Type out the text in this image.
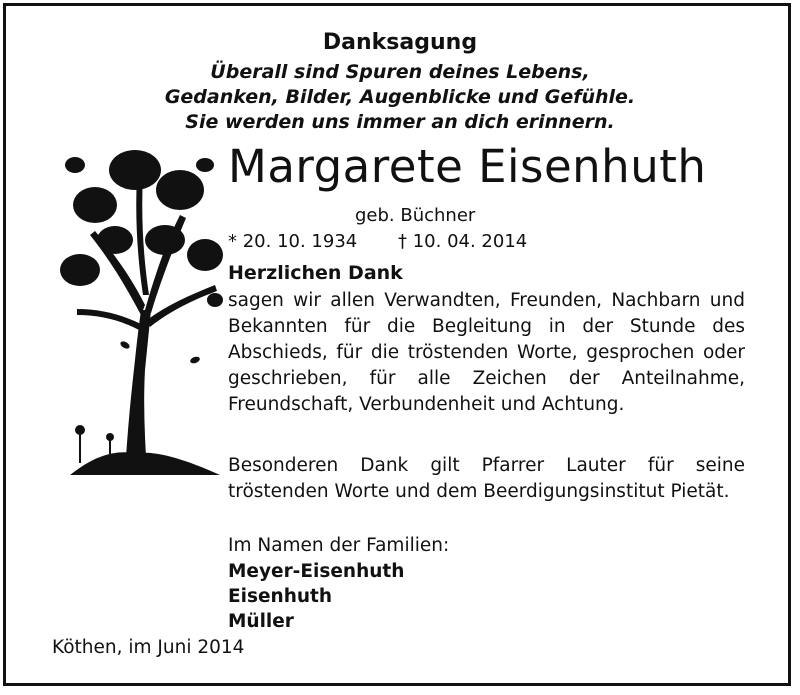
Danksagung
Überall sind Spuren deines Lebens,
Gedanken, Bilder, Augenblicke und Gefühle.
Sie werden uns immer an dich erinnern.
Margarete Eisenhuth
geb. Büchner
* 20. 10. 1934 † 10. 04. 2014
Herzlichen Dank

sagen wir allen Verwandten, Freunden, Nachbarn und Bekannten für die Begleitung in der Stunde des Abschieds, für die tröstenden Worte, gesprochen oder geschrieben, für alle Zeichen der Anteilnahme, Freundschaft, Verbundenheit und Achtung.

Besonderen Dank gilt Pfarrer Lauter für seine tröstenden Worte und dem Beerdigungsinstitut Pietät.

Im Namen der Familien:
Meyer-Eisenhuth
Eisenhuth
Müller
Köthen, im Juni 2014
